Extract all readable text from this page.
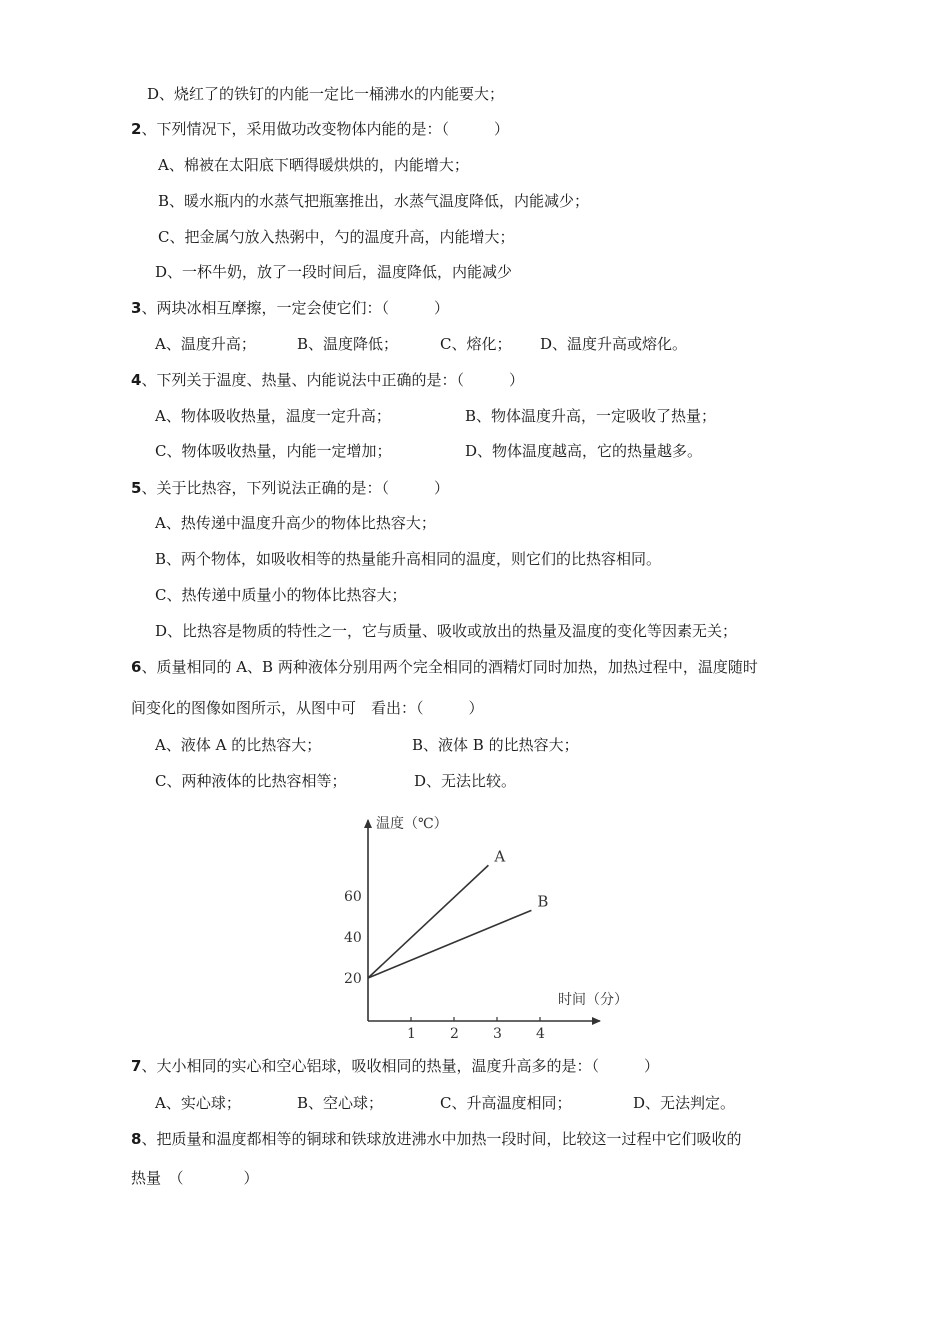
D、烧红了的铁钉的内能一定比一桶沸水的内能要大；
2、下列情况下，采用做功改变物体内能的是：（　　　）
A、棉被在太阳底下晒得暖烘烘的，内能增大；
B、暖水瓶内的水蒸气把瓶塞推出，水蒸气温度降低，内能减少；
C、把金属勺放入热粥中，勺的温度升高，内能增大；
D、一杯牛奶，放了一段时间后，温度降低，内能减少
3、两块冰相互摩擦，一定会使它们：（　　　）
A、温度升高；	B、温度降低；	C、熔化； D、温度升高或熔化。
4、下列关于温度、热量、内能说法中正确的是：（　　　）
A、物体吸收热量，温度一定升高；	B、物体温度升高，一定吸收了热量；
C、物体吸收热量，内能一定增加；	D、物体温度越高，它的热量越多。
5、关于比热容，下列说法正确的是：（　　　）
A、热传递中温度升高少的物体比热容大；
B、两个物体，如吸收相等的热量能升高相同的温度，则它们的比热容相同。
C、热传递中质量小的物体比热容大；
D、比热容是物质的特性之一，它与质量、吸收或放出的热量及温度的变化等因素无关；
6、质量相同的 A、B 两种液体分别用两个完全相同的酒精灯同时加热，加热过程中，温度随时
间变化的图像如图所示，从图中可　看出：（　　　）
A、液体 A 的比热容大；	B、液体 B 的比热容大；
C、两种液体的比热容相等；	D、无法比较。
温度（℃）
时间（分）
1 2 3 4
20
40
60
A
B
7、大小相同的实心和空心铝球，吸收相同的热量，温度升高多的是：（　　　）
A、实心球；	B、空心球；	C、升高温度相同；	D、无法判定。
8、把质量和温度都相等的铜球和铁球放进沸水中加热一段时间，比较这一过程中它们吸收的
热量　（　　　　）
